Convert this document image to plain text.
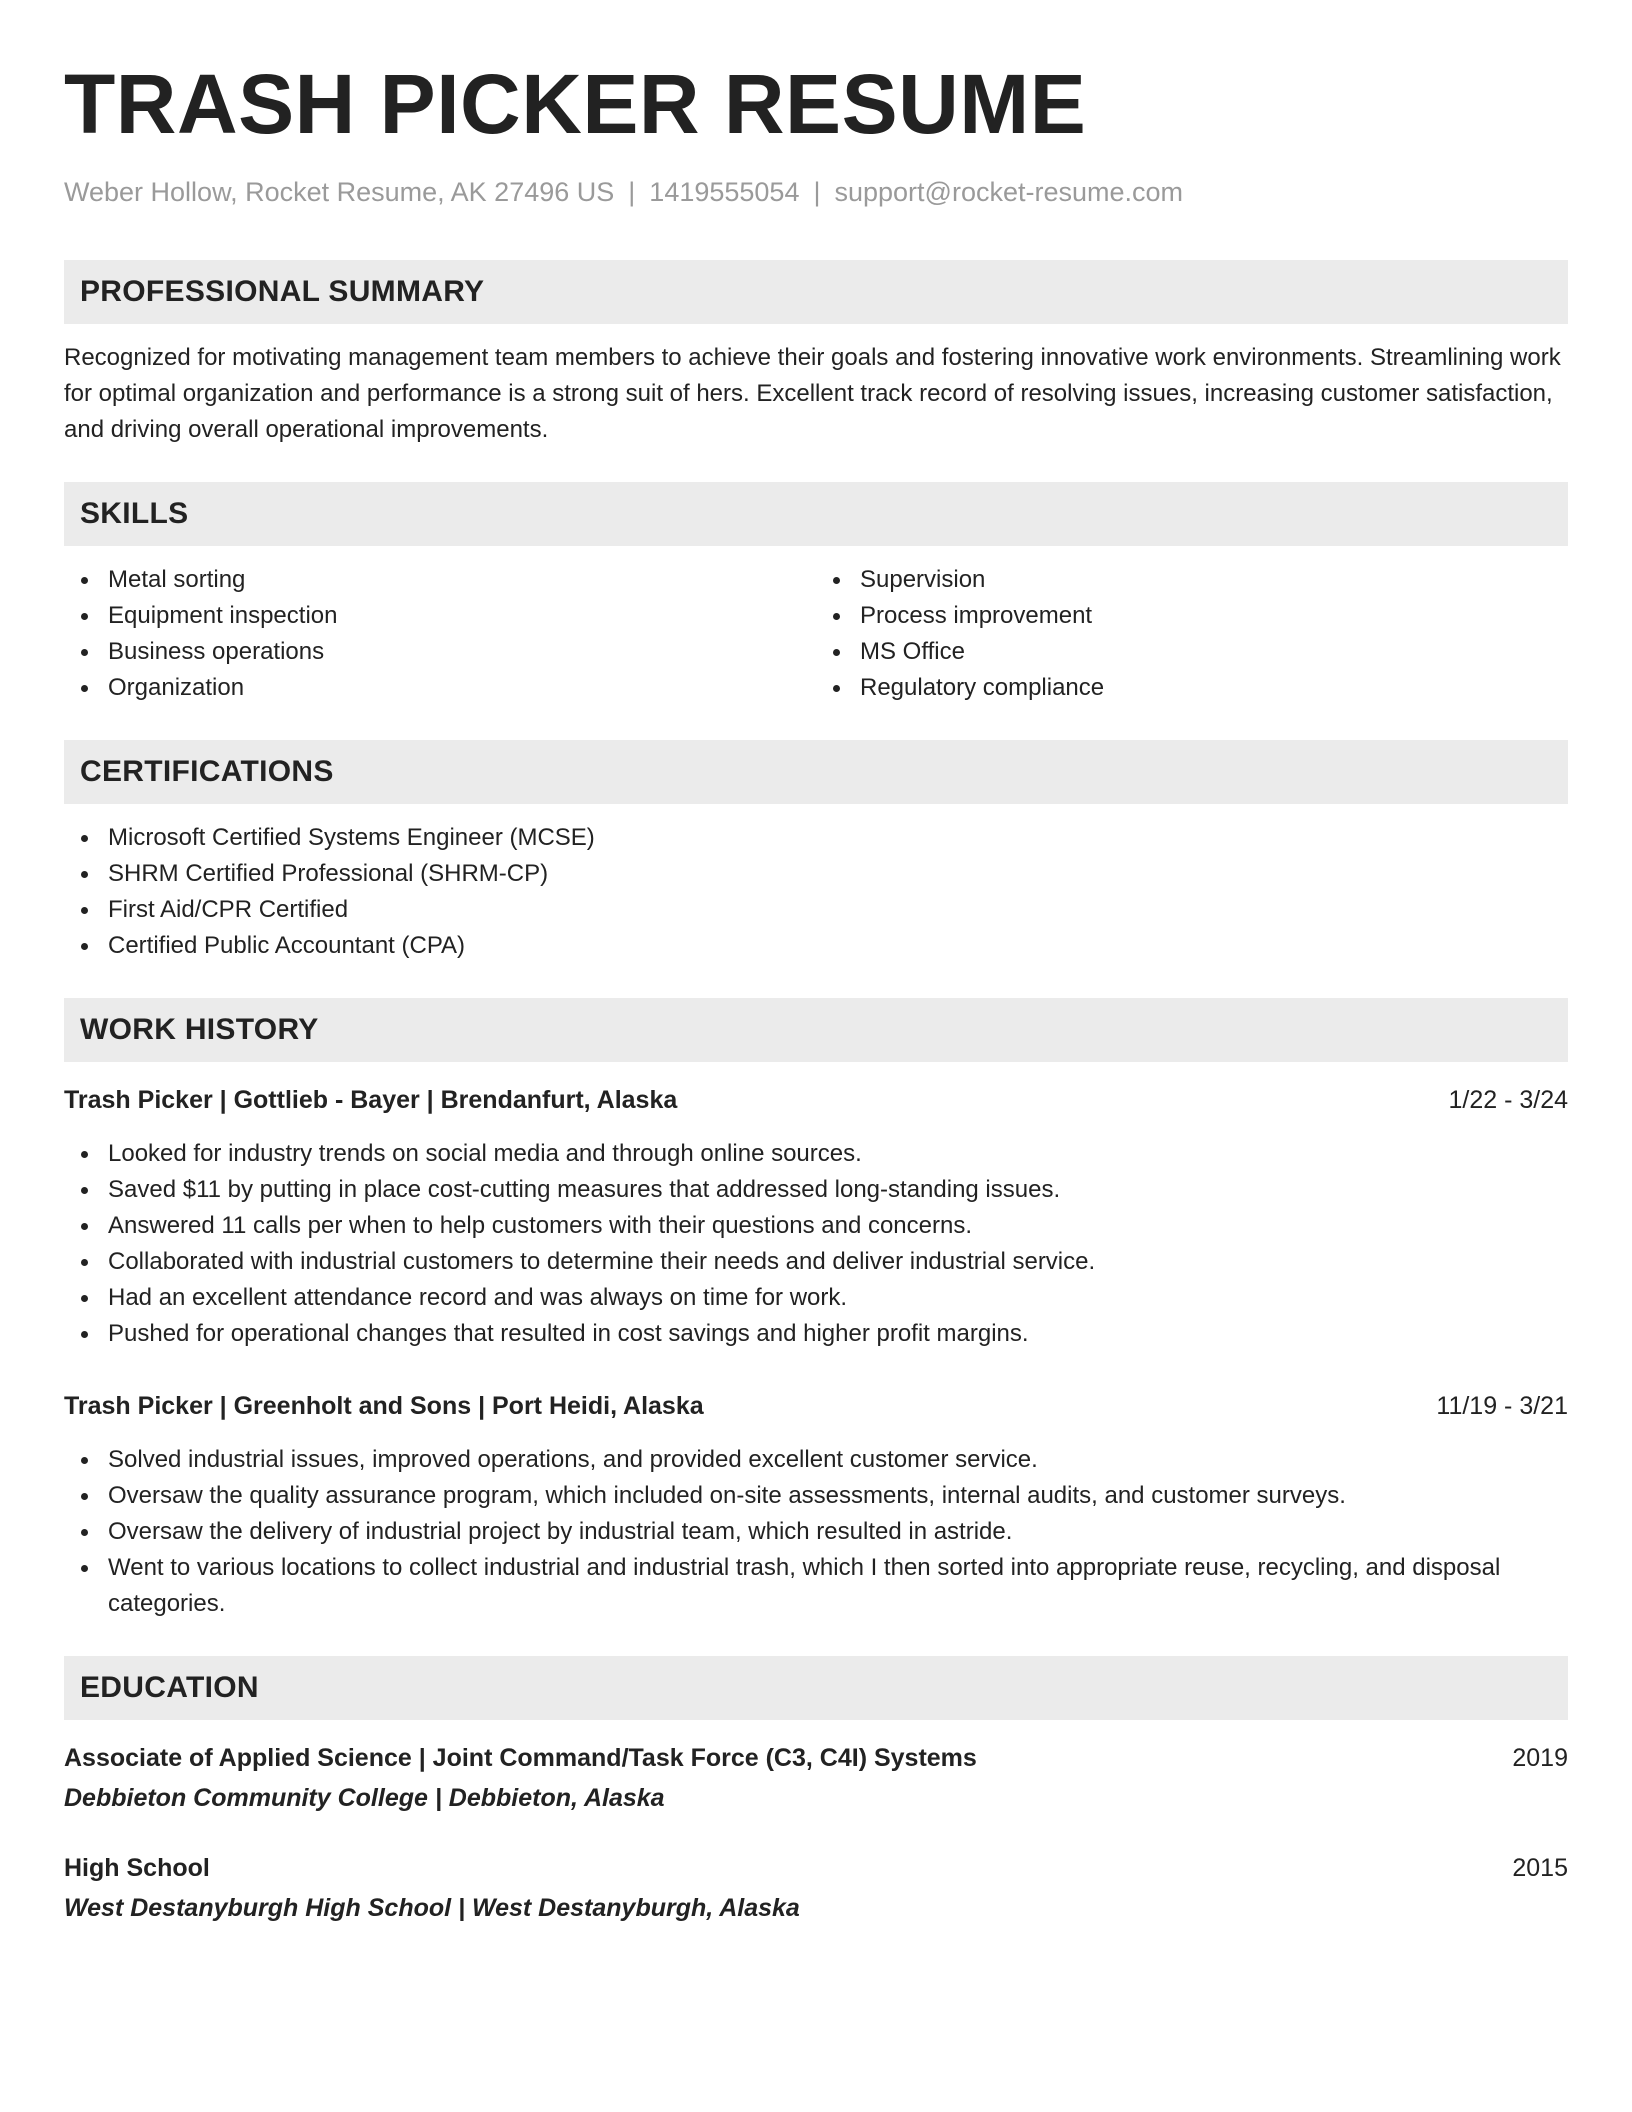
TRASH PICKER RESUME
Weber Hollow, Rocket Resume, AK 27496 US | 1419555054 | support@rocket-resume.com
PROFESSIONAL SUMMARY

Recognized for motivating management team members to achieve their goals and fostering innovative work environments. Streamlining work for optimal organization and performance is a strong suit of hers. Excellent track record of resolving issues, increasing customer satisfaction, and driving overall operational improvements.

SKILLS
Metal sorting
Equipment inspection
Business operations
Organization
Supervision
Process improvement
MS Office
Regulatory compliance
CERTIFICATIONS
Microsoft Certified Systems Engineer (MCSE)
SHRM Certified Professional (SHRM-CP)
First Aid/CPR Certified
Certified Public Accountant (CPA)
WORK HISTORY
Trash Picker | Gottlieb - Bayer | Brendanfurt, Alaska	1/22 - 3/24
Looked for industry trends on social media and through online sources.
Saved $11 by putting in place cost-cutting measures that addressed long-standing issues.
Answered 11 calls per when to help customers with their questions and concerns.
Collaborated with industrial customers to determine their needs and deliver industrial service.
Had an excellent attendance record and was always on time for work.
Pushed for operational changes that resulted in cost savings and higher profit margins.
Trash Picker | Greenholt and Sons | Port Heidi, Alaska	11/19 - 3/21
Solved industrial issues, improved operations, and provided excellent customer service.
Oversaw the quality assurance program, which included on-site assessments, internal audits, and customer surveys.
Oversaw the delivery of industrial project by industrial team, which resulted in astride.
Went to various locations to collect industrial and industrial trash, which I then sorted into appropriate reuse, recycling, and disposal categories.
EDUCATION
Associate of Applied Science | Joint Command/Task Force (C3, C4I) Systems	2019
Debbieton Community College | Debbieton, Alaska
High School	2015
West Destanyburgh High School | West Destanyburgh, Alaska
